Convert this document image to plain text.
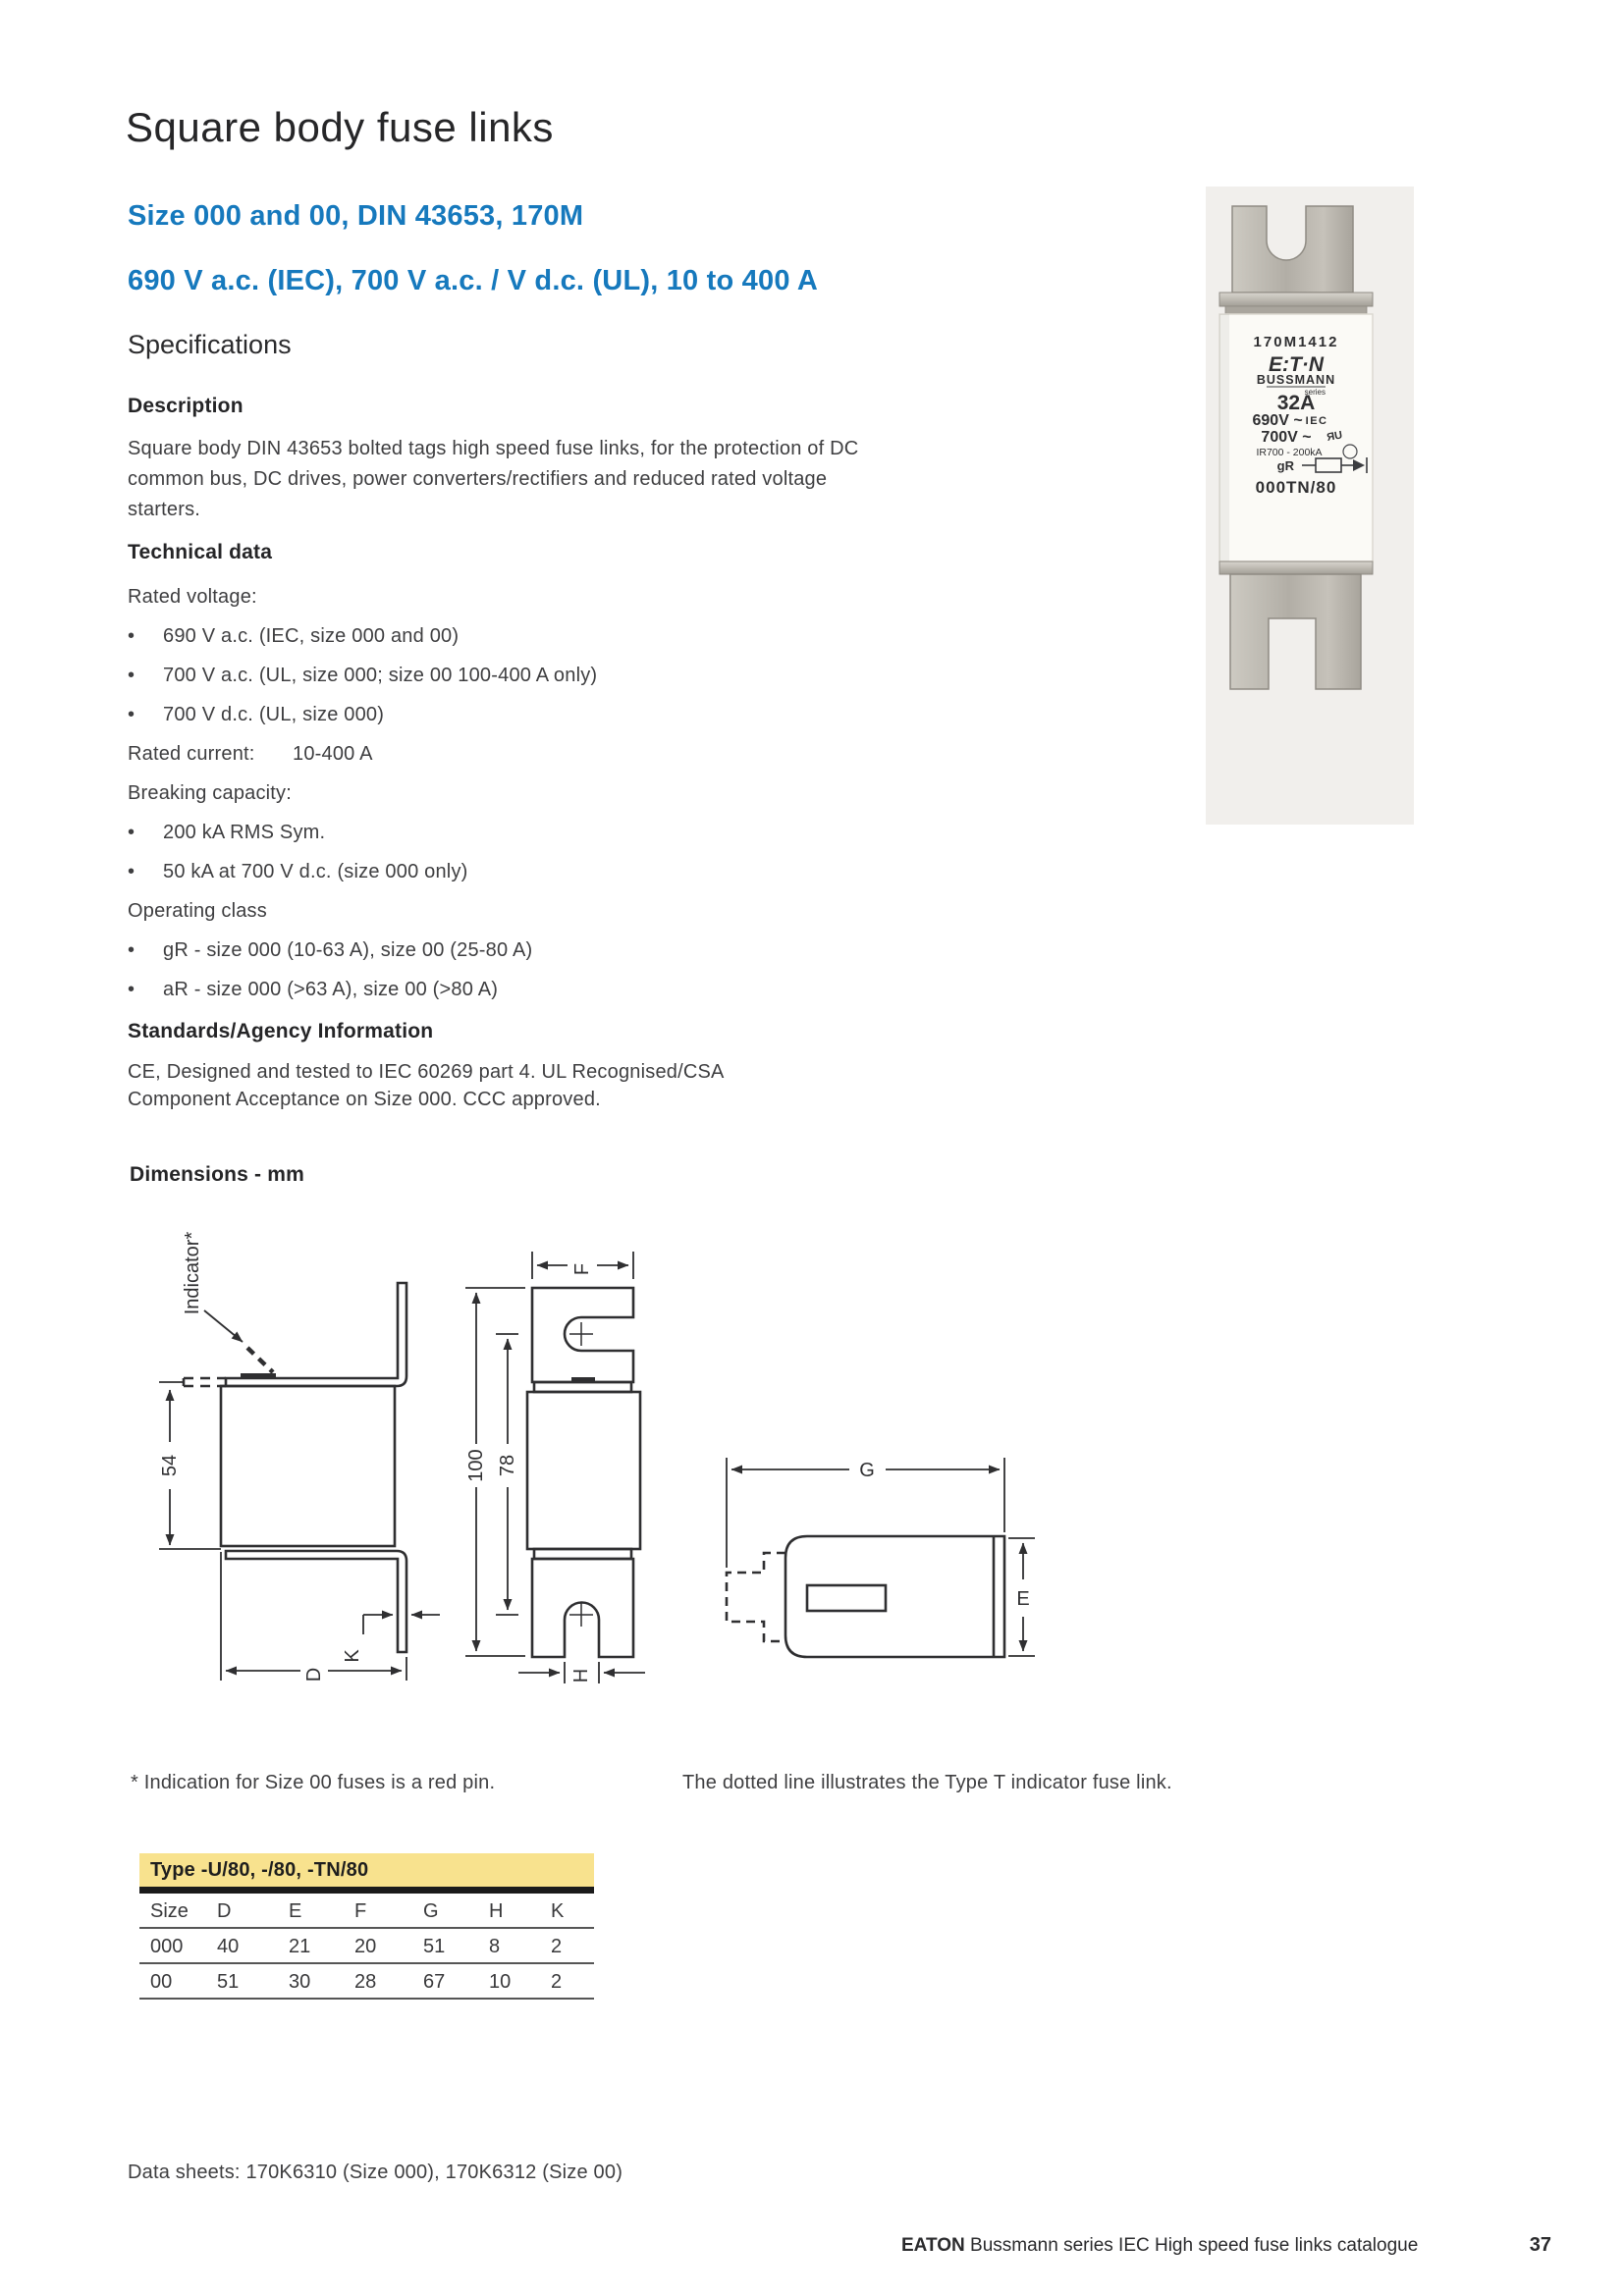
Square body fuse links
Size 000 and 00, DIN 43653, 170M
690 V a.c. (IEC), 700 V a.c. / V d.c. (UL), 10 to 400 A
Specifications
Description
Square body DIN 43653 bolted tags high speed fuse links, for the protection of DC
common bus, DC drives, power converters/rectifiers and reduced rated voltage
starters.
Technical data
Rated voltage:
•	690 V a.c. (IEC, size 000 and 00)
•	700 V a.c. (UL, size 000; size 00 100-400 A only)
•	700 V d.c. (UL, size 000)
Rated current:	10-400 A
Breaking capacity:
•	200 kA RMS Sym.
•	50 kA at 700 V d.c. (size 000 only)
Operating class
•	gR - size 000 (10-63 A), size 00 (25-80 A)
•	aR - size 000 (>63 A), size 00 (>80 A)
Standards/Agency Information
CE, Designed and tested to IEC 60269 part 4. UL Recognised/CSA
Component Acceptance on Size 000. CCC approved.
170M1412
E:T·N
BUSSMANN
series
32A
690V ~ IEC
700V ~ ЯU
IR700 - 200kA
gR
000TN/80
Dimensions - mm
Indicator*
54
D
K
F
100 78
H
G
E
* Indication for Size 00 fuses is a red pin.	The dotted line illustrates the Type T indicator fuse link.
Type -U/80, -/80, -TN/80
Size	D	E	F	G	H	K
000	40	21	20	51	8	2
00	51	30	28	67	10	2
Data sheets: 170K6310 (Size 000), 170K6312 (Size 00)
EATON Bussmann series IEC High speed fuse links catalogue	37
